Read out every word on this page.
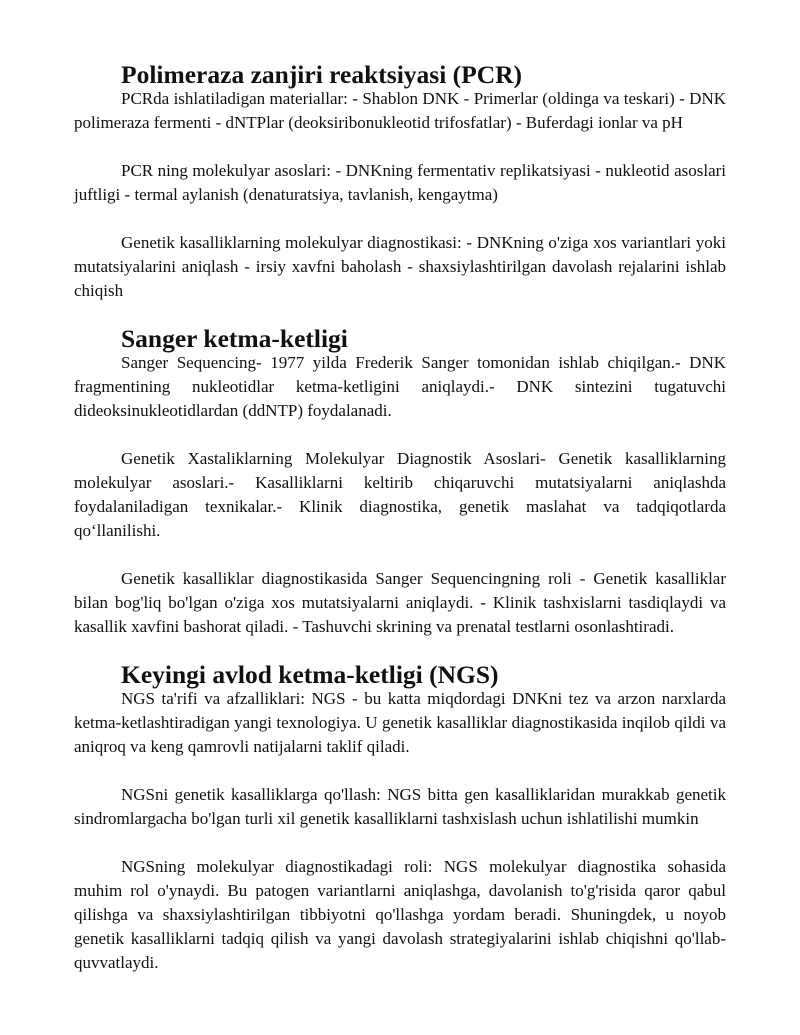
Polimeraza zanjiri reaktsiyasi (PCR)

PCRda ishlatiladigan materiallar: - Shablon DNK - Primerlar (oldinga va teskari) - DNK polimeraza fermenti - dNTPlar (deoksiribonukleotid trifosfatlar) - Buferdagi ionlar va pH

PCR ning molekulyar asoslari: - DNKning fermentativ replikatsiyasi - nukleotid asoslari juftligi - termal aylanish (denaturatsiya, tavlanish, kengaytma)

Genetik kasalliklarning molekulyar diagnostikasi: - DNKning o'ziga xos variantlari yoki mutatsiyalarini aniqlash - irsiy xavfni baholash - shaxsiylashtirilgan davolash rejalarini ishlab chiqish

Sanger ketma-ketligi

Sanger Sequencing- 1977 yilda Frederik Sanger tomonidan ishlab chiqilgan.- DNK fragmentining nukleotidlar ketma-ketligini aniqlaydi.- DNK sintezini tugatuvchi dideoksinukleotidlardan (ddNTP) foydalanadi.

Genetik Xastaliklarning Molekulyar Diagnostik Asoslari- Genetik kasalliklarning molekulyar asoslari.- Kasalliklarni keltirib chiqaruvchi mutatsiyalarni aniqlashda foydalaniladigan texnikalar.- Klinik diagnostika, genetik maslahat va tadqiqotlarda qo‘llanilishi.

Genetik kasalliklar diagnostikasida Sanger Sequencingning roli - Genetik kasalliklar bilan bog'liq bo'lgan o'ziga xos mutatsiyalarni aniqlaydi. - Klinik tashxislarni tasdiqlaydi va kasallik xavfini bashorat qiladi. - Tashuvchi skrining va prenatal testlarni osonlashtiradi.

Keyingi avlod ketma-ketligi (NGS)

NGS ta'rifi va afzalliklari: NGS - bu katta miqdordagi DNKni tez va arzon narxlarda ketma-ketlashtiradigan yangi texnologiya. U genetik kasalliklar diagnostikasida inqilob qildi va aniqroq va keng qamrovli natijalarni taklif qiladi.

NGSni genetik kasalliklarga qo'llash: NGS bitta gen kasalliklaridan murakkab genetik sindromlargacha bo'lgan turli xil genetik kasalliklarni tashxislash uchun ishlatilishi mumkin

NGSning molekulyar diagnostikadagi roli: NGS molekulyar diagnostika sohasida muhim rol o'ynaydi. Bu patogen variantlarni aniqlashga, davolanish to'g'risida qaror qabul qilishga va shaxsiylashtirilgan tibbiyotni qo'llashga yordam beradi. Shuningdek, u noyob genetik kasalliklarni tadqiq qilish va yangi davolash strategiyalarini ishlab chiqishni qo'llab-quvvatlaydi.
